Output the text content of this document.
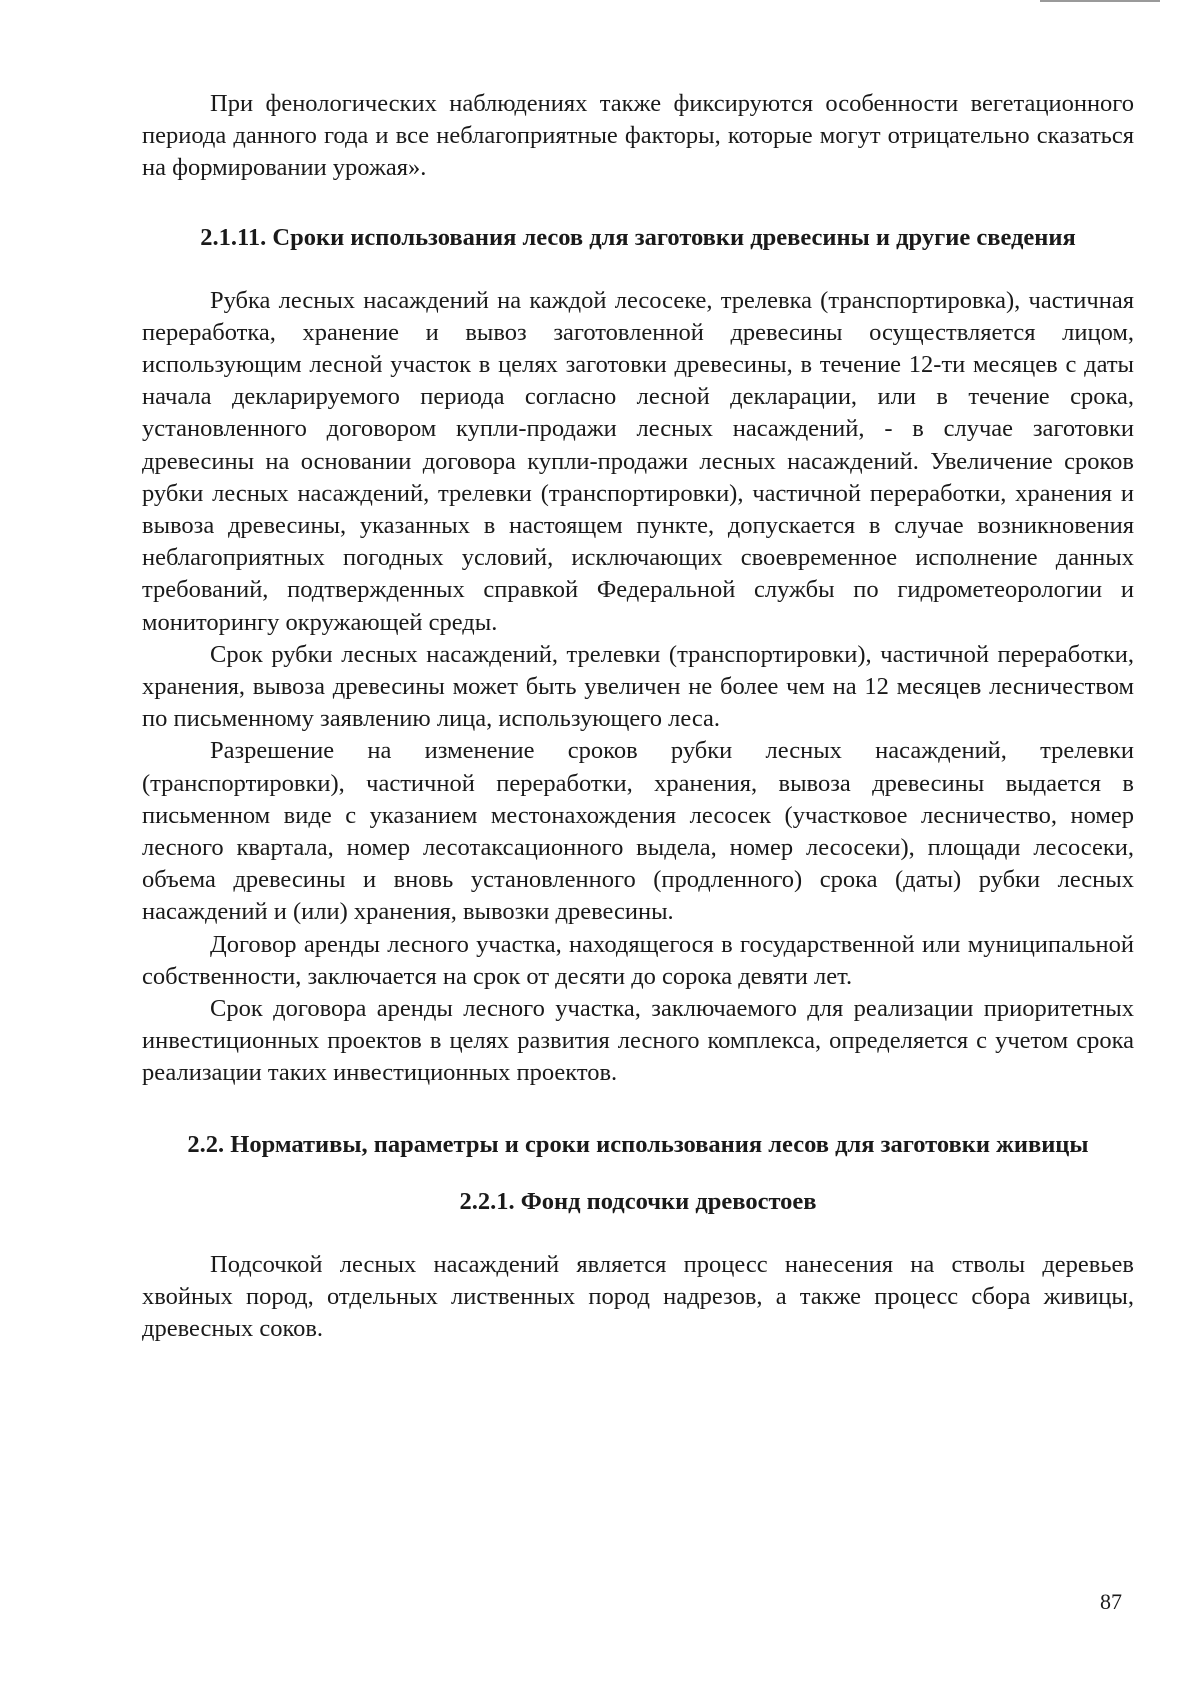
При фенологических наблюдениях также фиксируются особенности вегетационного периода данного года и все неблагоприятные факторы, которые могут отрицательно сказаться на формировании урожая».

2.1.11. Сроки использования лесов для заготовки древесины и другие сведения

Рубка лесных насаждений на каждой лесосеке, трелевка (транспортировка), частичная переработка, хранение и вывоз заготовленной древесины осуществляется лицом, использующим лесной участок в целях заготовки древесины, в течение 12-ти месяцев с даты начала декларируемого периода согласно лесной декларации, или в течение срока, установленного договором купли-продажи лесных насаждений, - в случае заготовки древесины на основании договора купли-продажи лесных насаждений. Увеличение сроков рубки лесных насаждений, трелевки (транспортировки), частичной переработки, хранения и вывоза древесины, указанных в настоящем пункте, допускается в случае возникновения неблагоприятных погодных условий, исключающих своевременное исполнение данных требований, подтвержденных справкой Федеральной службы по гидрометеорологии и мониторингу окружающей среды.

Срок рубки лесных насаждений, трелевки (транспортировки), частичной переработки, хранения, вывоза древесины может быть увеличен не более чем на 12 месяцев лесничеством по письменному заявлению лица, использующего леса.

Разрешение на изменение сроков рубки лесных насаждений, трелевки (транспортировки), частичной переработки, хранения, вывоза древесины выдается в письменном виде с указанием местонахождения лесосек (участковое лесничество, номер лесного квартала, номер лесотаксационного выдела, номер лесосеки), площади лесосеки, объема древесины и вновь установленного (продленного) срока (даты) рубки лесных насаждений и (или) хранения, вывозки древесины.

Договор аренды лесного участка, находящегося в государственной или муниципальной собственности, заключается на срок от десяти до сорока девяти лет.

Срок договора аренды лесного участка, заключаемого для реализации приоритетных инвестиционных проектов в целях развития лесного комплекса, определяется с учетом срока реализации таких инвестиционных проектов.

2.2. Нормативы, параметры и сроки использования лесов для заготовки живицы
2.2.1. Фонд подсочки древостоев

Подсочкой лесных насаждений является процесс нанесения на стволы деревьев хвойных пород, отдельных лиственных пород надрезов, а также процесс сбора живицы, древесных соков.

87
